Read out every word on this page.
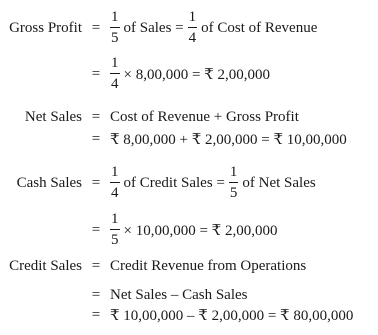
Gross Profit = $\frac{1}{5}$ of Sales = $\frac{1}{4}$ of Cost of Revenue
= $\frac{1}{4} \times 8,00,000$ = ₹ 2,00,000
Net Sales = Cost of Revenue + Gross Profit
= ₹ 8,00,000 + ₹ 2,00,000 = ₹ 10,00,000
Cash Sales = $\frac{1}{4}$ of Credit Sales = $\frac{1}{5}$ of Net Sales
= $\frac{1}{5} \times 10,00,000$ = ₹ 2,00,000
Credit Sales = Credit Revenue from Operations
= Net Sales – Cash Sales
= ₹ 10,00,000 – ₹ 2,00,000 = ₹ 80,00,000
